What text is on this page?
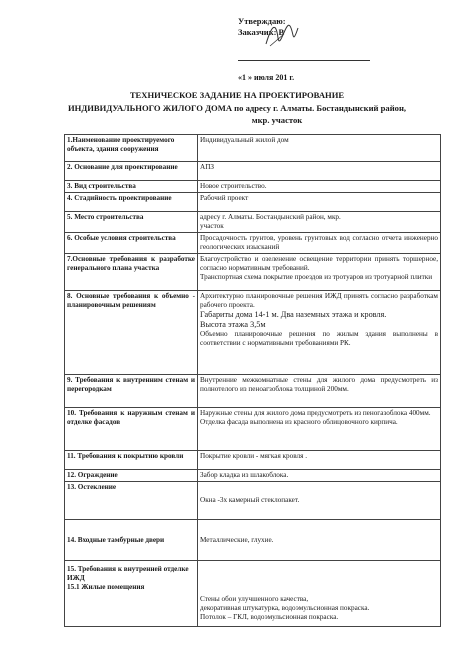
Утверждаю:
Заказчик: В
«1 » июля 201 г.
ТЕХНИЧЕСКОЕ ЗАДАНИЕ НА ПРОЕКТИРОВАНИЕ
ИНДИВИДУАЛЬНОГО ЖИЛОГО ДОМА по адресу г. Алматы. Бостандынский район,
мкр. участок
1.Наименование проектируемого объекта, здания сооружения	Индивидуальный жилой дом
2. Основание для проектирование	АПЗ
3. Вид строительства	Новое строительство.
4. Стадийность проектирование	Рабочий проект
5. Место строительства	адресу г. Алматы. Бостандынский район, мкр.
участок

6. Особые условия строительства	Просадочность грунтов, уровень грунтовых вод согласно отчета инженерно геологических изысканий
7.Основные требования к разработке генерального плана участка	Благоустройство и озеленение освещение территории принять торшерное, согласно нормативным требований.
Транспортная схема покрытие проездов из тротуаров из тротуарной плитки

8. Основные требования к объемно - планировочным решениям	Архитектурно планировочные решения ИЖД принять согласно разработкам рабочего проекта.
Габариты дома 14-1 м. Два наземных этажа и кровля.
Высота этажа 3,5м
Объемно планировочные решения по жилым здания выполнены в соответствии с нормативными требованиями РК.

9. Требования к внутренним стенам и перегородкам	Внутренние межкомнатные стены для жилого дома предусмотреть из полнотелого из пеноагзоблока толщиной 200мм.
10. Требования к наружным стенам и отделке фасадов	Наружные стены для жилого дома предусмотреть из пеногазоблока 400мм.
Отделка фасада выполнена из красного облицовочного кирпича.

11. Требования к покрытию кровли	Покрытие кровли - мягкая кровля .
12. Ограждение	Забор кладка из шлакоблока.
13. Остекление	Окна -3х камерный стеклопакет.
14. Входные тамбурные двери	Металлические, глухие.

15. Требования к внутренней отделке ИЖД
15.1 Жилые помещения	Стены обои улучшенного качества,
декоративная штукатурка, водоэмульсионная покраска.
Потолок – ГКЛ, водоэмульсионная покраска.
